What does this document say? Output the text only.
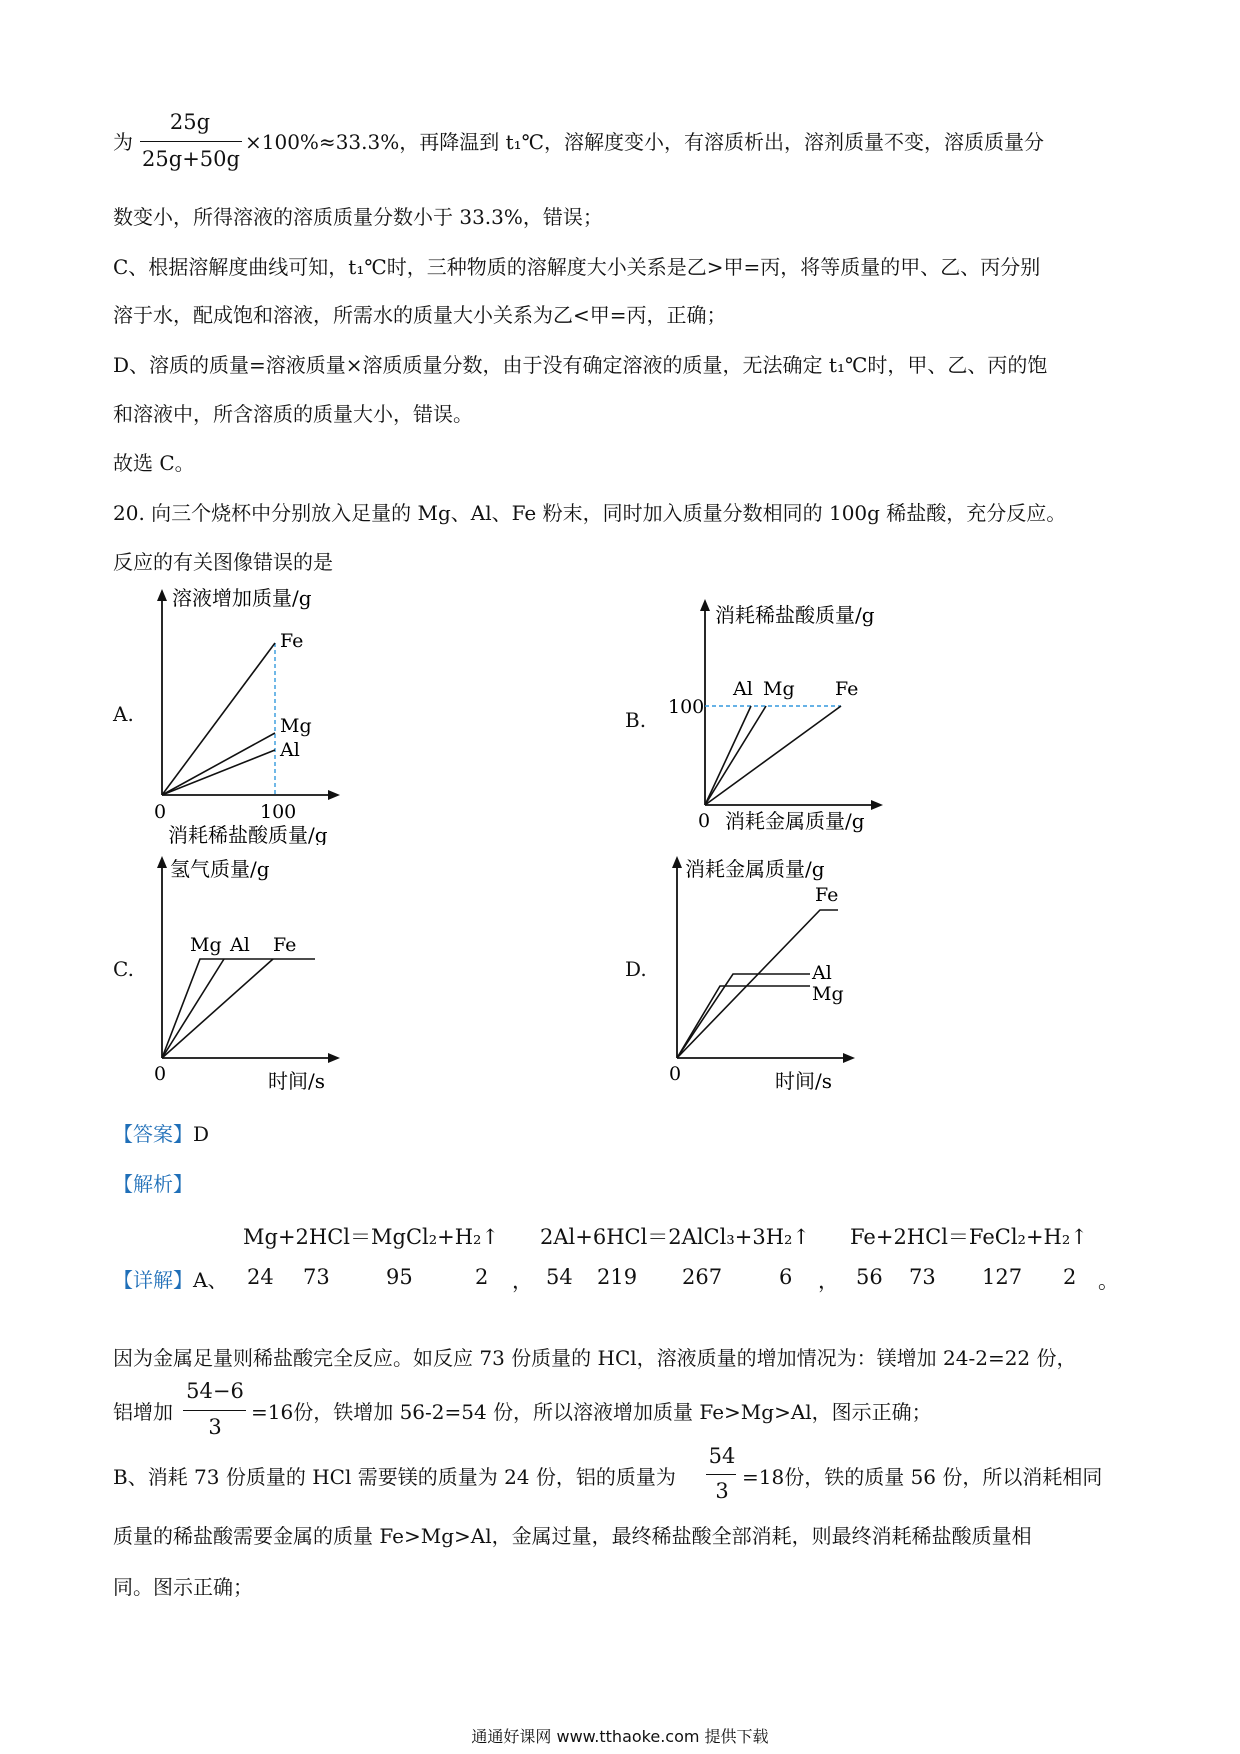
为
25g
25g+50g
×100%≈33.3%，再降温到 t₁℃，溶解度变小，有溶质析出，溶剂质量不变，溶质质量分
数变小，所得溶液的溶质质量分数小于 33.3%，错误；
C、根据溶解度曲线可知，t₁℃时，三种物质的溶解度大小关系是乙>甲=丙，将等质量的甲、乙、丙分别
溶于水，配成饱和溶液，所需水的质量大小关系为乙<甲=丙，正确；
D、溶质的质量=溶液质量×溶质质量分数，由于没有确定溶液的质量，无法确定 t₁℃时，甲、乙、丙的饱
和溶液中，所含溶质的质量大小，错误。
故选 C。
20. 向三个烧杯中分别放入足量的 Mg、Al、Fe 粉末，同时加入质量分数相同的 100g 稀盐酸，充分反应。
反应的有关图像错误的是
A.
溶液增加质量/g
Fe
Mg
Al
0	100
消耗稀盐酸质量/g
B.
消耗稀盐酸质量/g
100
Al Mg Fe
0 消耗金属质量/g
C.
氢气质量/g
Mg Al Fe
0	时间/s
D.
消耗金属质量/g
Fe
Al
Mg
0	时间/s
【答案】D
【解析】
Mg+2HCl＝MgCl₂+H₂↑ 2Al+6HCl＝2AlCl₃+3H₂↑ Fe+2HCl＝FeCl₂+H₂↑
【详解】A、 24 73	95	2 ， 54 219 267	6 ， 56 73 127 2 。
因为金属足量则稀盐酸完全反应。如反应 73 份质量的 HCl，溶液质量的增加情况为：镁增加 24-2=22 份，
铝增加
54−6
3
=16份，铁增加 56-2=54 份，所以溶液增加质量 Fe>Mg>Al，图示正确；
B、消耗 73 份质量的 HCl 需要镁的质量为 24 份，铝的质量为
54
3
=18份，铁的质量 56 份，所以消耗相同
质量的稀盐酸需要金属的质量 Fe>Mg>Al，金属过量，最终稀盐酸全部消耗，则最终消耗稀盐酸质量相
同。图示正确；
通通好课网 www.tthaoke.com 提供下载
